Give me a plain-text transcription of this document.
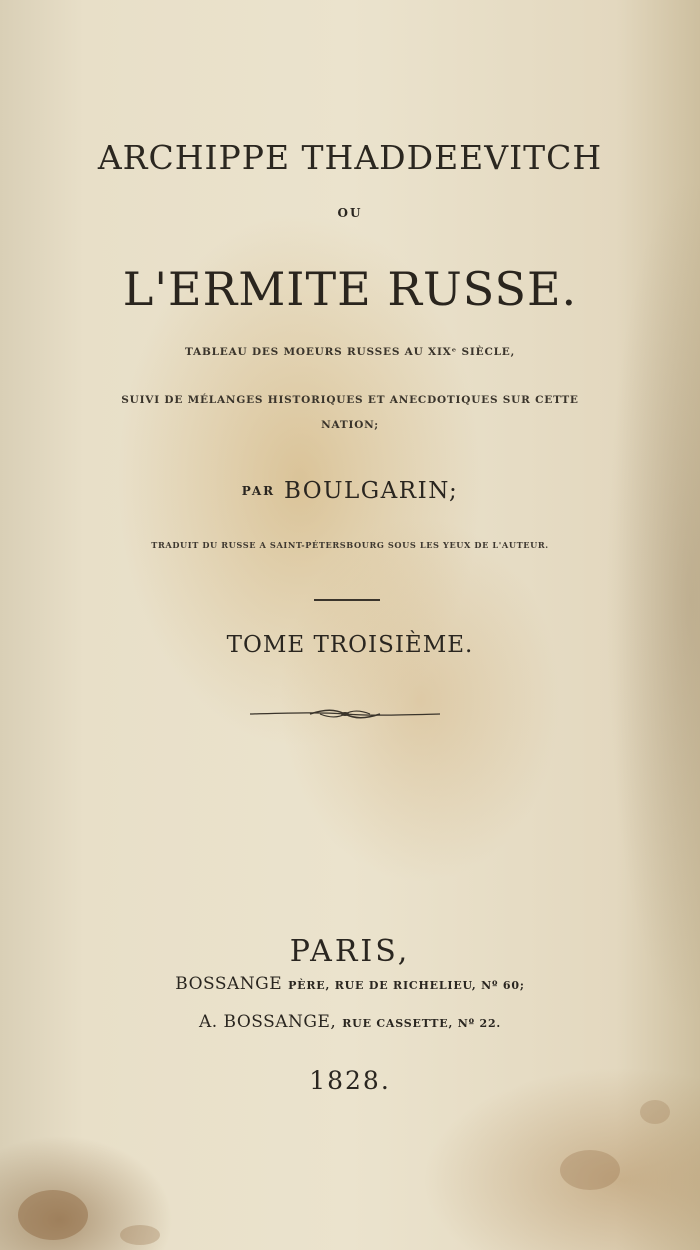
ARCHIPPE THADDEEVITCH
OU
L'ERMITE RUSSE.
TABLEAU DES MOEURS RUSSES AU XIXᵉ SIÈCLE,
SUIVI DE MÉLANGES HISTORIQUES ET ANECDOTIQUES SUR CETTE
NATION;
PAR BOULGARIN;
TRADUIT DU RUSSE A SAINT-PÉTERSBOURG SOUS LES YEUX DE L'AUTEUR.
TOME TROISIÈME.
PARIS,
BOSSANGE PÈRE, RUE DE RICHELIEU, Nº 60;
A. BOSSANGE, RUE CASSETTE, Nº 22.
1828.
